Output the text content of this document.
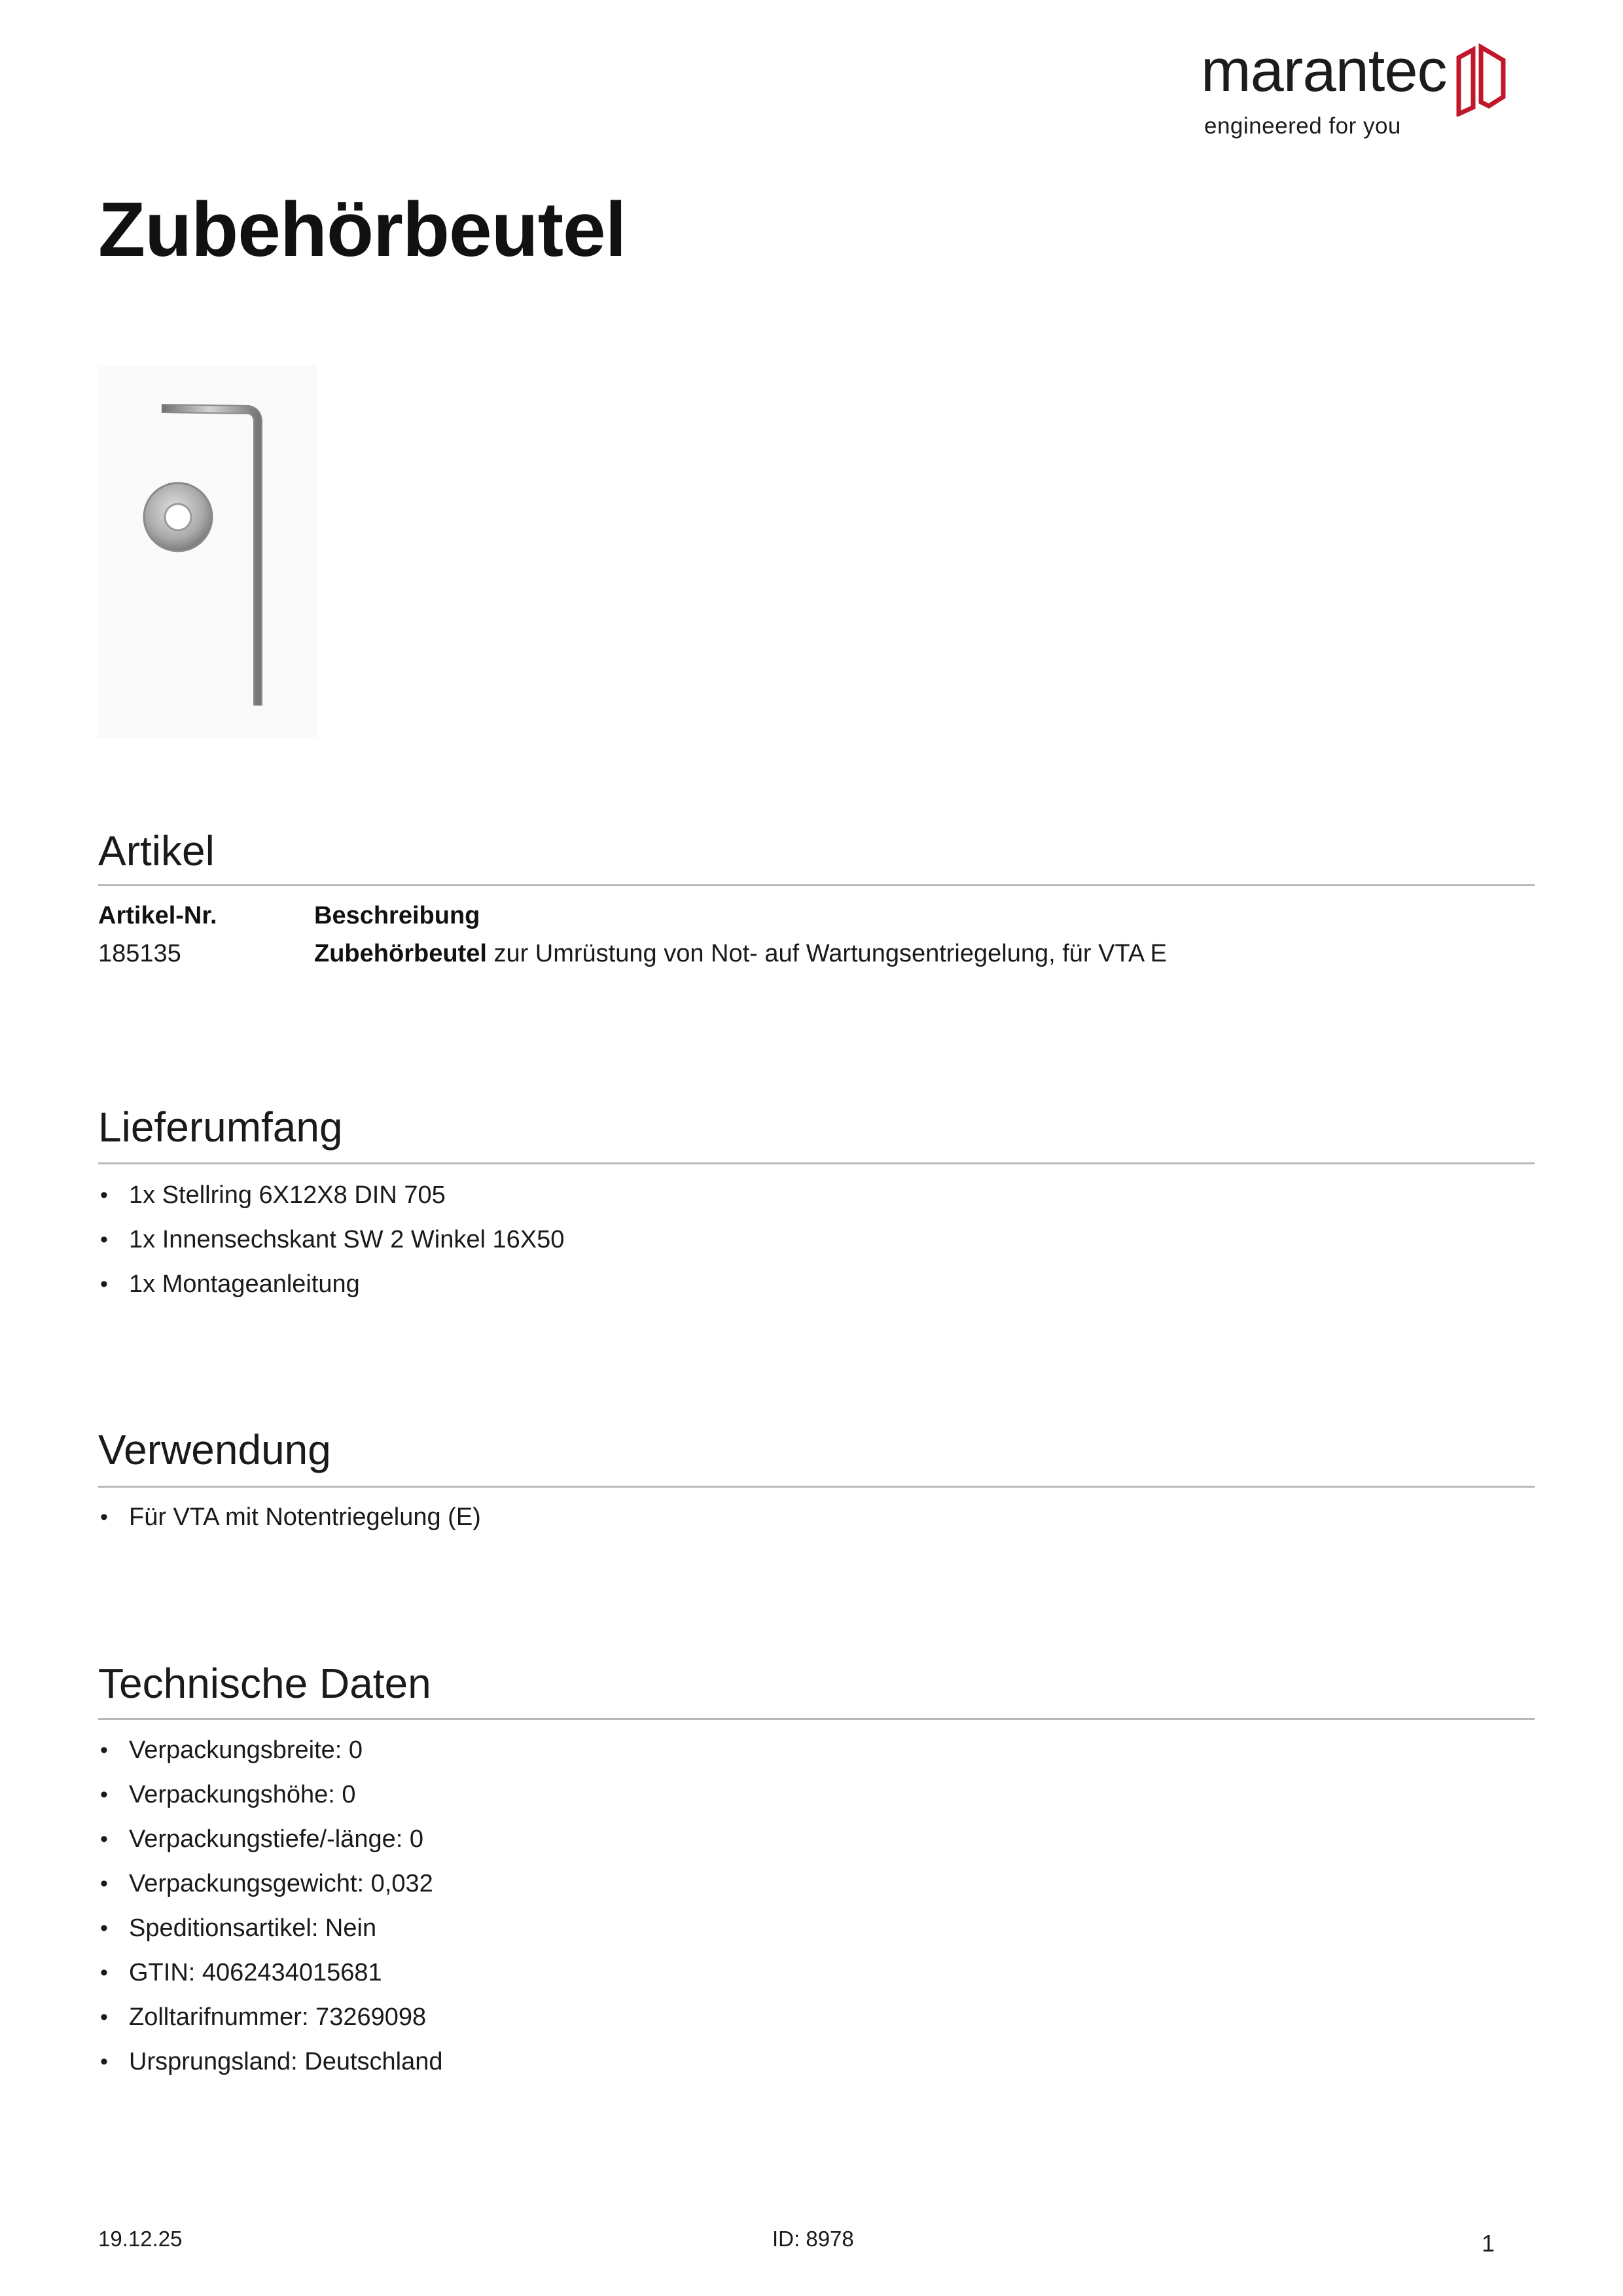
marantec
engineered for you
Zubehörbeutel
Artikel
Artikel-Nr.	Beschreibung
185135	Zubehörbeutel zur Umrüstung von Not- auf Wartungsentriegelung, für VTA E
Lieferumfang
• 1x Stellring 6X12X8 DIN 705
• 1x Innensechskant SW 2 Winkel 16X50
• 1x Montageanleitung
Verwendung
• Für VTA mit Notentriegelung (E)
Technische Daten
• Verpackungsbreite: 0
• Verpackungshöhe: 0
• Verpackungstiefe/-länge: 0
• Verpackungsgewicht: 0,032
• Speditionsartikel: Nein
• GTIN: 4062434015681
• Zolltarifnummer: 73269098
• Ursprungsland: Deutschland
19.12.25	ID: 8978	1
